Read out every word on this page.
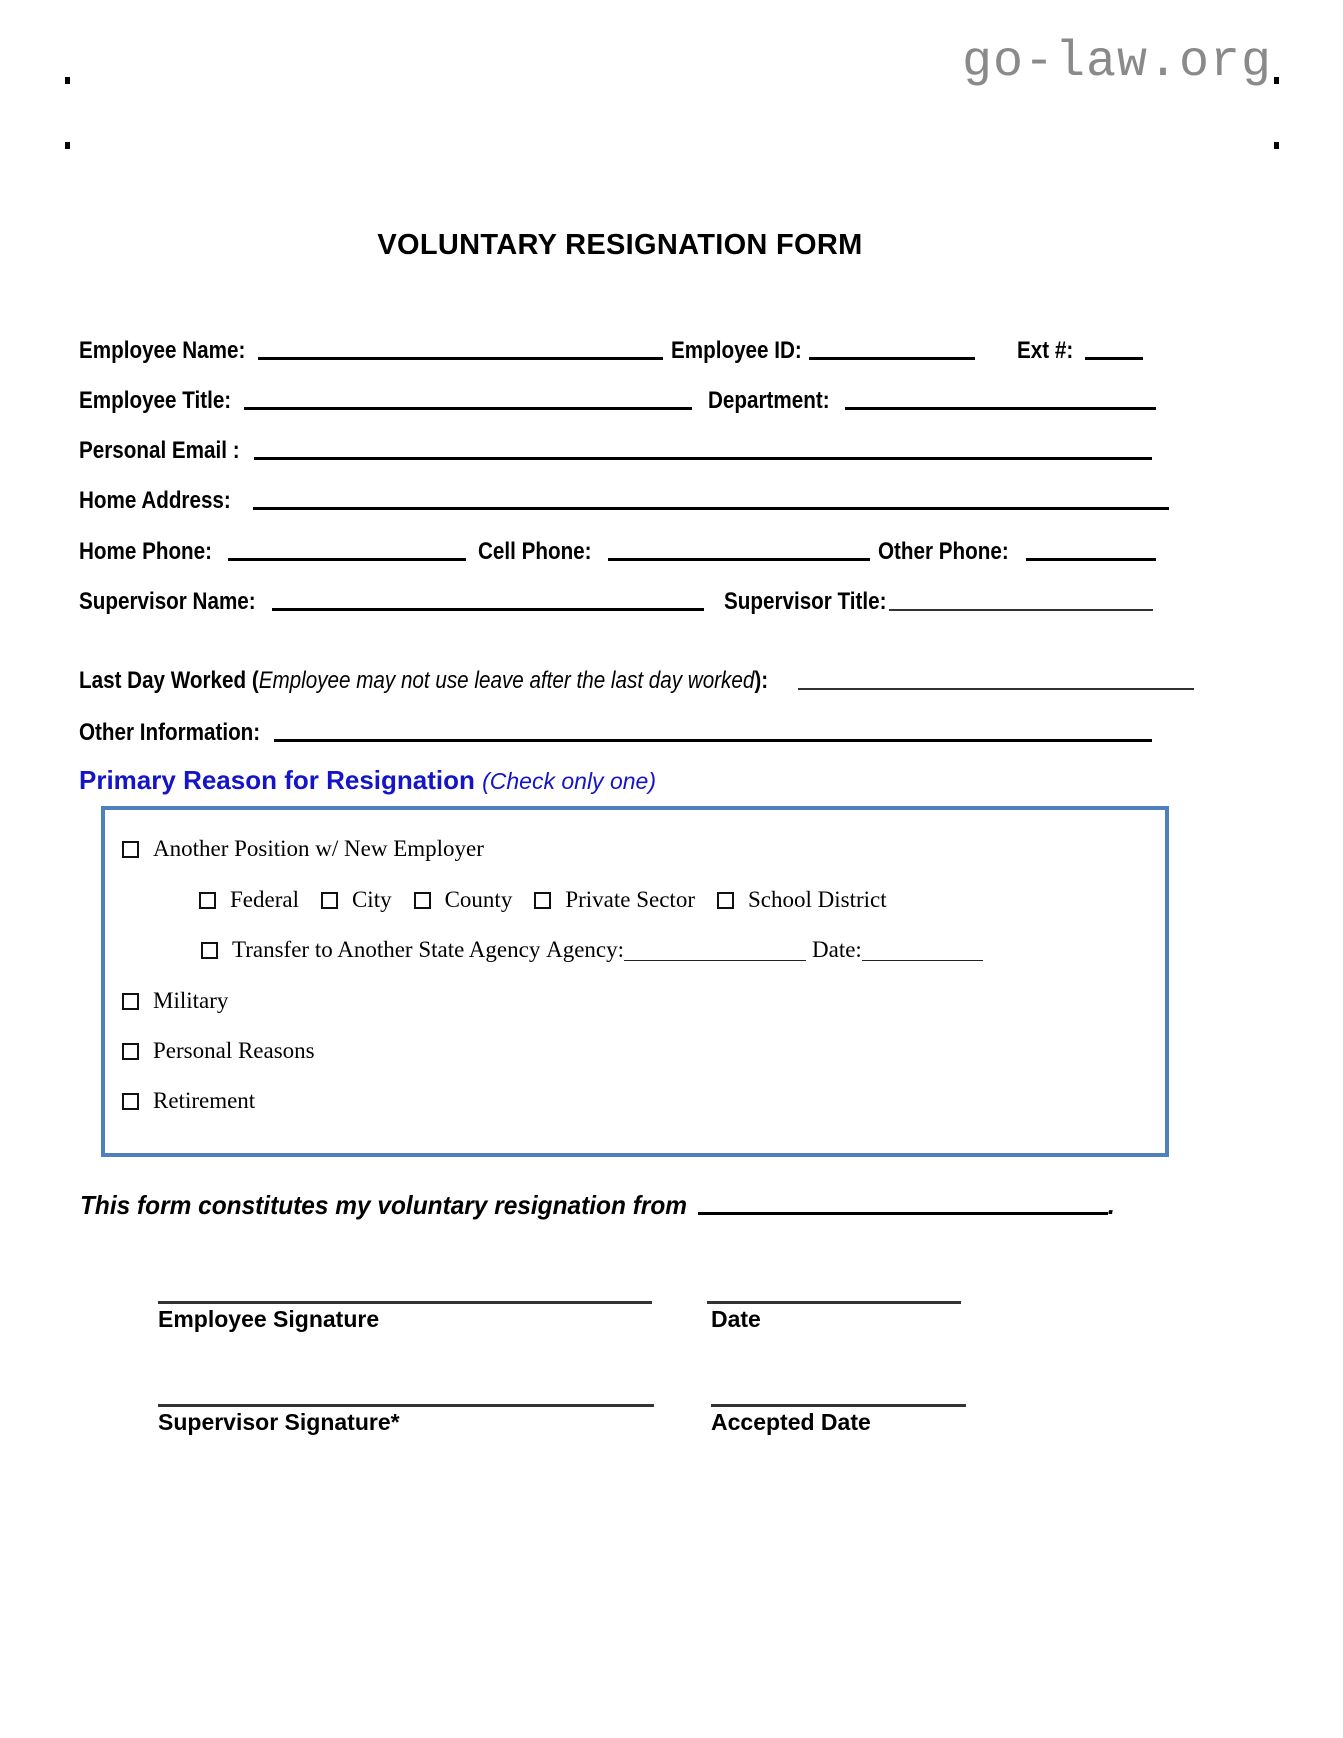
go-law.org
VOLUNTARY RESIGNATION FORM
Employee Name:	Employee ID:	Ext #:
Employee Title:	Department:
Personal Email :
Home Address:
Home Phone:	Cell Phone:	Other Phone:
Supervisor Name:	Supervisor Title:
Last Day Worked (Employee may not use leave after the last day worked):
Other Information:
Primary Reason for Resignation (Check only one)
Another Position w/ New Employer
Federal City County Private Sector School District
Transfer to Another State Agency
Agency:	Date:
Military
Personal Reasons
Retirement
This form constitutes my voluntary resignation from	.
Employee Signature	Date
Supervisor Signature*	Accepted Date
